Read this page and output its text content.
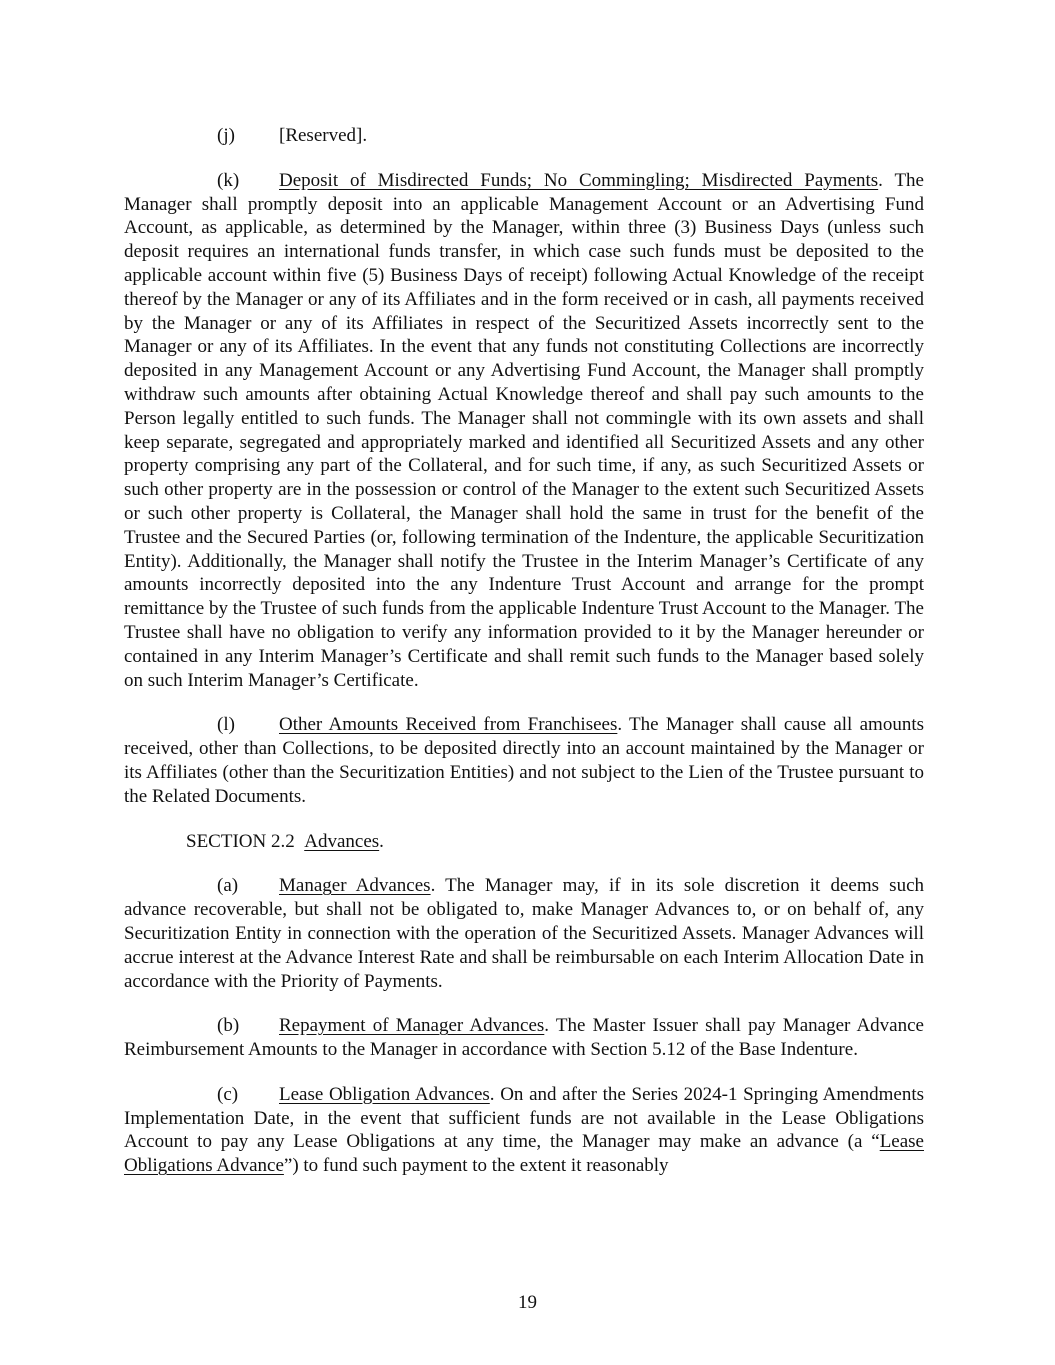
(j) [Reserved].

(k) Deposit of Misdirected Funds; No Commingling; Misdirected Payments. The Manager shall promptly deposit into an applicable Management Account or an Advertising Fund Account, as applicable, as determined by the Manager, within three (3) Business Days (unless such deposit requires an international funds transfer, in which case such funds must be deposited to the applicable account within five (5) Business Days of receipt) following Actual Knowledge of the receipt thereof by the Manager or any of its Affiliates and in the form received or in cash, all payments received by the Manager or any of its Affiliates in respect of the Securitized Assets incorrectly sent to the Manager or any of its Affiliates. In the event that any funds not constituting Collections are incorrectly deposited in any Management Account or any Advertising Fund Account, the Manager shall promptly withdraw such amounts after obtaining Actual Knowledge thereof and shall pay such amounts to the Person legally entitled to such funds. The Manager shall not commingle with its own assets and shall keep separate, segregated and appropriately marked and identified all Securitized Assets and any other property comprising any part of the Collateral, and for such time, if any, as such Securitized Assets or such other property are in the possession or control of the Manager to the extent such Securitized Assets or such other property is Collateral, the Manager shall hold the same in trust for the benefit of the Trustee and the Secured Parties (or, following termination of the Indenture, the applicable Securitization Entity). Additionally, the Manager shall notify the Trustee in the Interim Manager’s Certificate of any amounts incorrectly deposited into the any Indenture Trust Account and arrange for the prompt remittance by the Trustee of such funds from the applicable Indenture Trust Account to the Manager. The Trustee shall have no obligation to verify any information provided to it by the Manager hereunder or contained in any Interim Manager’s Certificate and shall remit such funds to the Manager based solely on such Interim Manager’s Certificate.

(l) Other Amounts Received from Franchisees. The Manager shall cause all amounts received, other than Collections, to be deposited directly into an account maintained by the Manager or its Affiliates (other than the Securitization Entities) and not subject to the Lien of the Trustee pursuant to the Related Documents.

SECTION 2.2 Advances.

(a) Manager Advances. The Manager may, if in its sole discretion it deems such advance recoverable, but shall not be obligated to, make Manager Advances to, or on behalf of, any Securitization Entity in connection with the operation of the Securitized Assets. Manager Advances will accrue interest at the Advance Interest Rate and shall be reimbursable on each Interim Allocation Date in accordance with the Priority of Payments.

(b) Repayment of Manager Advances. The Master Issuer shall pay Manager Advance Reimbursement Amounts to the Manager in accordance with Section 5.12 of the Base Indenture.

(c) Lease Obligation Advances. On and after the Series 2024-1 Springing Amendments Implementation Date, in the event that sufficient funds are not available in the Lease Obligations Account to pay any Lease Obligations at any time, the Manager may make an advance (a “Lease Obligations Advance”) to fund such payment to the extent it reasonably

19
